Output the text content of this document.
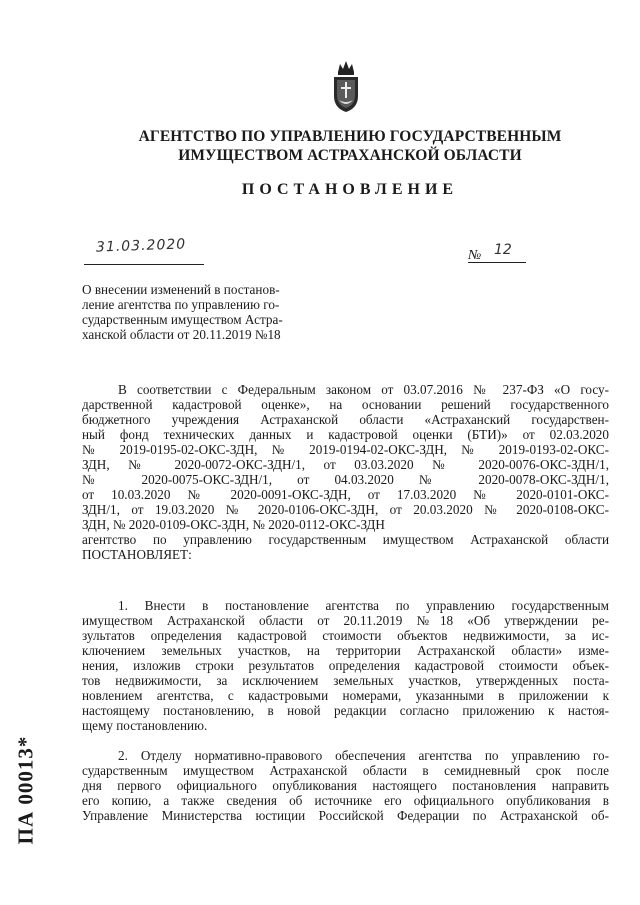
АГЕНТСТВО ПО УПРАВЛЕНИЮ ГОСУДАРСТВЕННЫМ
ИМУЩЕСТВОМ АСТРАХАНСКОЙ ОБЛАСТИ
ПОСТАНОВЛЕНИЕ
31.03.2020	№ 12
О внесении изменений в постанов-
ление агентства по управлению го-
сударственным имуществом Астра-
ханской области от 20.11.2019 №18
В соответствии с Федеральным законом от 03.07.2016 № 237-ФЗ «О госу-
дарственной кадастровой оценке», на основании решений государственного
бюджетного учреждения Астраханской области «Астраханский государствен-
ный фонд технических данных и кадастровой оценки (БТИ)» от 02.03.2020
№ 2019-0195-02-ОКС-ЗДН, № 2019-0194-02-ОКС-ЗДН, № 2019-0193-02-ОКС-
ЗДН, № 2020-0072-ОКС-ЗДН/1, от 03.03.2020 № 2020-0076-ОКС-ЗДН/1,
№ 2020-0075-ОКС-ЗДН/1, от 04.03.2020 № 2020-0078-ОКС-ЗДН/1,
от 10.03.2020 № 2020-0091-ОКС-ЗДН, от 17.03.2020 № 2020-0101-ОКС-
ЗДН/1, от 19.03.2020 № 2020-0106-ОКС-ЗДН, от 20.03.2020 № 2020-0108-ОКС-
ЗДН, № 2020-0109-ОКС-ЗДН, № 2020-0112-ОКС-ЗДН
агентство по управлению государственным имуществом Астраханской области
ПОСТАНОВЛЯЕТ:
1. Внести в постановление агентства по управлению государственным
имуществом Астраханской области от 20.11.2019 №18 «Об утверждении ре-
зультатов определения кадастровой стоимости объектов недвижимости, за ис-
ключением земельных участков, на территории Астраханской области» изме-
нения, изложив строки результатов определения кадастровой стоимости объек-
тов недвижимости, за исключением земельных участков, утвержденных поста-
новлением агентства, с кадастровыми номерами, указанными в приложении к
настоящему постановлению, в новой редакции согласно приложению к настоя-
щему постановлению.
2. Отделу нормативно-правового обеспечения агентства по управлению го-
сударственным имуществом Астраханской области в семидневный срок после
дня первого официального опубликования настоящего постановления направить
его копию, а также сведения об источнике его официального опубликования в
Управление Министерства юстиции Российской Федерации по Астраханской об-
ПА 00013*
